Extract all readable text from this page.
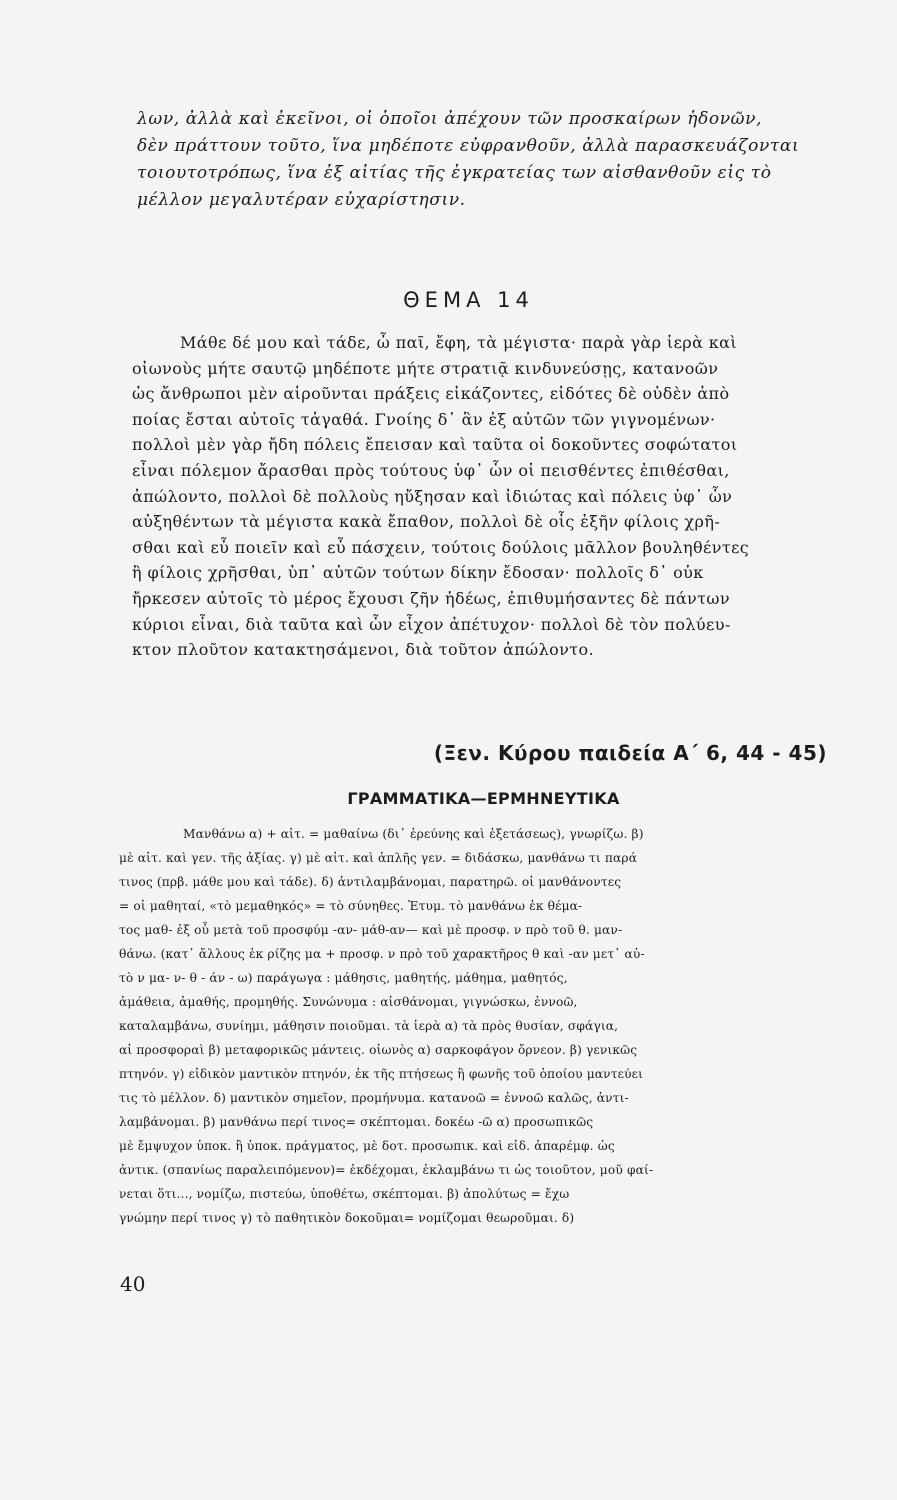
λων, ἀλλὰ καὶ ἐκεῖνοι, οἱ ὁποῖοι ἀπέχουν τῶν προσκαίρων ἡδονῶν,
δὲν πράττουν τοῦτο, ἵνα μηδέποτε εὐφρανθοῦν, ἀλλὰ παρασκευάζονται
τοιουτοτρόπως, ἵνα ἐξ αἰτίας τῆς ἐγκρατείας των αἰσθανθοῦν εἰς τὸ
μέλλον μεγαλυτέραν εὐχαρίστησιν.
ΘΕΜΑ 14
Μάθε δέ μου καὶ τάδε, ὦ παῖ, ἔφη, τὰ μέγιστα· παρὰ γὰρ ἱερὰ καὶ
οἰωνοὺς μήτε σαυτῷ μηδέποτε μήτε στρατιᾷ κινδυνεύσῃς, κατανοῶν
ὡς ἄνθρωποι μὲν αἱροῦνται πράξεις εἰκάζοντες, εἰδότες δὲ οὐδὲν ἀπὸ
ποίας ἔσται αὐτοῖς τἀγαθά. Γνοίης δ᾽ ἂν ἐξ αὐτῶν τῶν γιγνομένων·
πολλοὶ μὲν γὰρ ἤδη πόλεις ἔπεισαν καὶ ταῦτα οἱ δοκοῦντες σοφώτατοι
εἶναι πόλεμον ἄρασθαι πρὸς τούτους ὑφ᾽ ὧν οἱ πεισθέντες ἐπιθέσθαι,
ἀπώλοντο, πολλοὶ δὲ πολλοὺς ηὔξησαν καὶ ἰδιώτας καὶ πόλεις ὑφ᾽ ὧν
αὐξηθέντων τὰ μέγιστα κακὰ ἔπαθον, πολλοὶ δὲ οἷς ἐξῆν φίλοις χρῆ-
σθαι καὶ εὖ ποιεῖν καὶ εὖ πάσχειν, τούτοις δούλοις μᾶλλον βουληθέντες
ἢ φίλοις χρῆσθαι, ὑπ᾽ αὐτῶν τούτων δίκην ἔδοσαν· πολλοῖς δ᾽ οὐκ
ἤρκεσεν αὐτοῖς τὸ μέρος ἔχουσι ζῆν ἡδέως, ἐπιθυμήσαντες δὲ πάντων
κύριοι εἶναι, διὰ ταῦτα καὶ ὧν εἶχον ἀπέτυχον· πολλοὶ δὲ τὸν πολύευ-
κτον πλοῦτον κατακτησάμενοι, διὰ τοῦτον ἀπώλοντο.
(Ξεν. Κύρου παιδεία Α΄ 6, 44 - 45)
ΓΡΑΜΜΑΤΙΚΑ—ΕΡΜΗΝΕΥΤΙΚΑ
Μανθάνω α) + αἰτ. = μαθαίνω (δι᾽ ἐρεύνης καὶ ἐξετάσεως), γνωρίζω. β)
μὲ αἰτ. καὶ γεν. τῆς ἀξίας. γ) μὲ αἰτ. καὶ ἁπλῆς γεν. = διδάσκω, μανθάνω τι παρά
τινος (πρβ. μάθε μου καὶ τάδε). δ) ἀντιλαμβάνομαι, παρατηρῶ. οἱ μανθάνοντες
= οἱ μαθηταί, «τὸ μεμαθηκός» = τὸ σύνηθες. Ἐτυμ. τὸ μανθάνω ἐκ θέμα-
τος μαθ- ἐξ οὗ μετὰ τοῦ προσφύμ -αν- μάθ-αν— καὶ μὲ προσφ. ν πρὸ τοῦ θ. μαν-
θάνω. (κατ᾽ ἄλλους ἐκ ρίζης μα + προσφ. ν πρὸ τοῦ χαρακτῆρος θ καὶ -αν μετ᾽ αὐ-
τὸ ν μα- ν- θ - άν - ω) παράγωγα : μάθησις, μαθητής, μάθημα, μαθητός,
ἀμάθεια, ἀμαθής, προμηθής. Συνώνυμα : αἰσθάνομαι, γιγνώσκω, ἐννοῶ,
καταλαμβάνω, συνίημι, μάθησιν ποιοῦμαι. τὰ ἱερὰ α) τὰ πρὸς θυσίαν, σφάγια,
αἱ προσφοραὶ β) μεταφορικῶς μάντεις. οἰωνὸς α) σαρκοφάγον ὄρνεον. β) γενικῶς
πτηνόν. γ) εἰδικὸν μαντικὸν πτηνόν, ἐκ τῆς πτήσεως ἢ φωνῆς τοῦ ὁποίου μαντεύει
τις τὸ μέλλον. δ) μαντικὸν σημεῖον, προμήνυμα. κατανοῶ = ἐννοῶ καλῶς, ἀντι-
λαμβάνομαι. β) μανθάνω περί τινος= σκέπτομαι. δοκέω -ῶ α) προσωπικῶς
μὲ ἔμψυχον ὑποκ. ἢ ὑποκ. πράγματος, μὲ δοτ. προσωπικ. καὶ εἰδ. ἀπαρέμφ. ὡς
ἀντικ. (σπανίως παραλειπόμενον)= ἐκδέχομαι, ἐκλαμβάνω τι ὡς τοιοῦτον, μοῦ φαί-
νεται ὅτι..., νομίζω, πιστεύω, ὑποθέτω, σκέπτομαι. β) ἀπολύτως = ἔχω
γνώμην περί τινος γ) τὸ παθητικὸν δοκοῦμαι= νομίζομαι θεωροῦμαι. δ)
40
